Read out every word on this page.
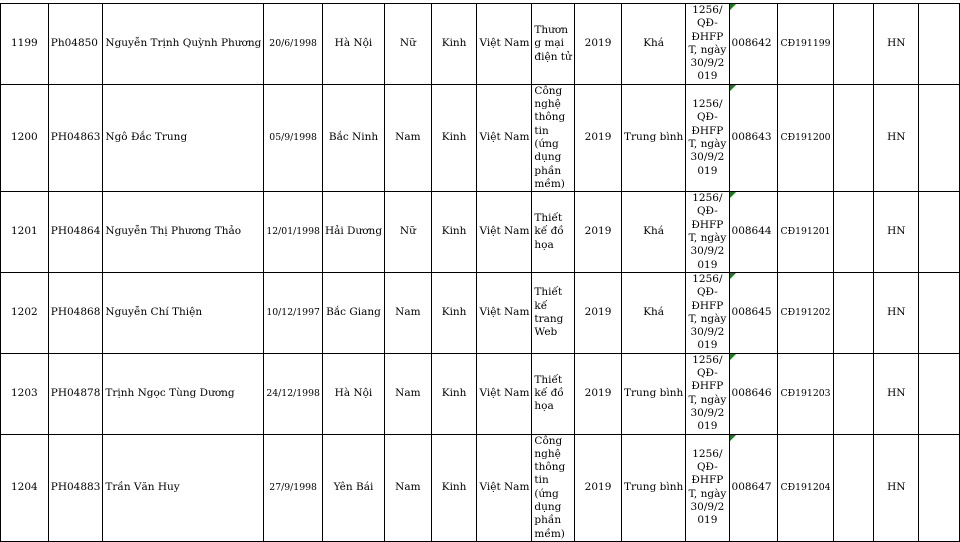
1199	Ph04850	Nguyễn Trịnh Quỳnh Phương	20/6/1998	Hà Nội	Nữ	Kinh	Việt Nam	Thương mại điện tử	2019	Khá	1256/QĐ-ĐHFPT, ngày 30/9/2019	008642	CĐ191199		HN	
1200	PH04863	Ngô Đắc Trung	05/9/1998	Bắc Ninh	Nam	Kinh	Việt Nam	Công nghệ thông tin (ứng dụng phần mềm)	2019	Trung bình	1256/QĐ-ĐHFPT, ngày 30/9/2019	008643	CĐ191200		HN	
1201	PH04864	Nguyễn Thị Phương Thảo	12/01/1998	Hải Dương	Nữ	Kinh	Việt Nam	Thiết kế đồ họa	2019	Khá	1256/QĐ-ĐHFPT, ngày 30/9/2019	008644	CĐ191201		HN	
1202	PH04868	Nguyễn Chí Thiện	10/12/1997	Bắc Giang	Nam	Kinh	Việt Nam	Thiết kế trang Web	2019	Khá	1256/QĐ-ĐHFPT, ngày 30/9/2019	008645	CĐ191202		HN	
1203	PH04878	Trịnh Ngọc Tùng Dương	24/12/1998	Hà Nội	Nam	Kinh	Việt Nam	Thiết kế đồ họa	2019	Trung bình	1256/QĐ-ĐHFPT, ngày 30/9/2019	008646	CĐ191203		HN	
1204	PH04883	Trần Văn Huy	27/9/1998	Yên Bái	Nam	Kinh	Việt Nam	Công nghệ thông tin (ứng dụng phần mềm)	2019	Trung bình	1256/QĐ-ĐHFPT, ngày 30/9/2019	008647	CĐ191204		HN	
